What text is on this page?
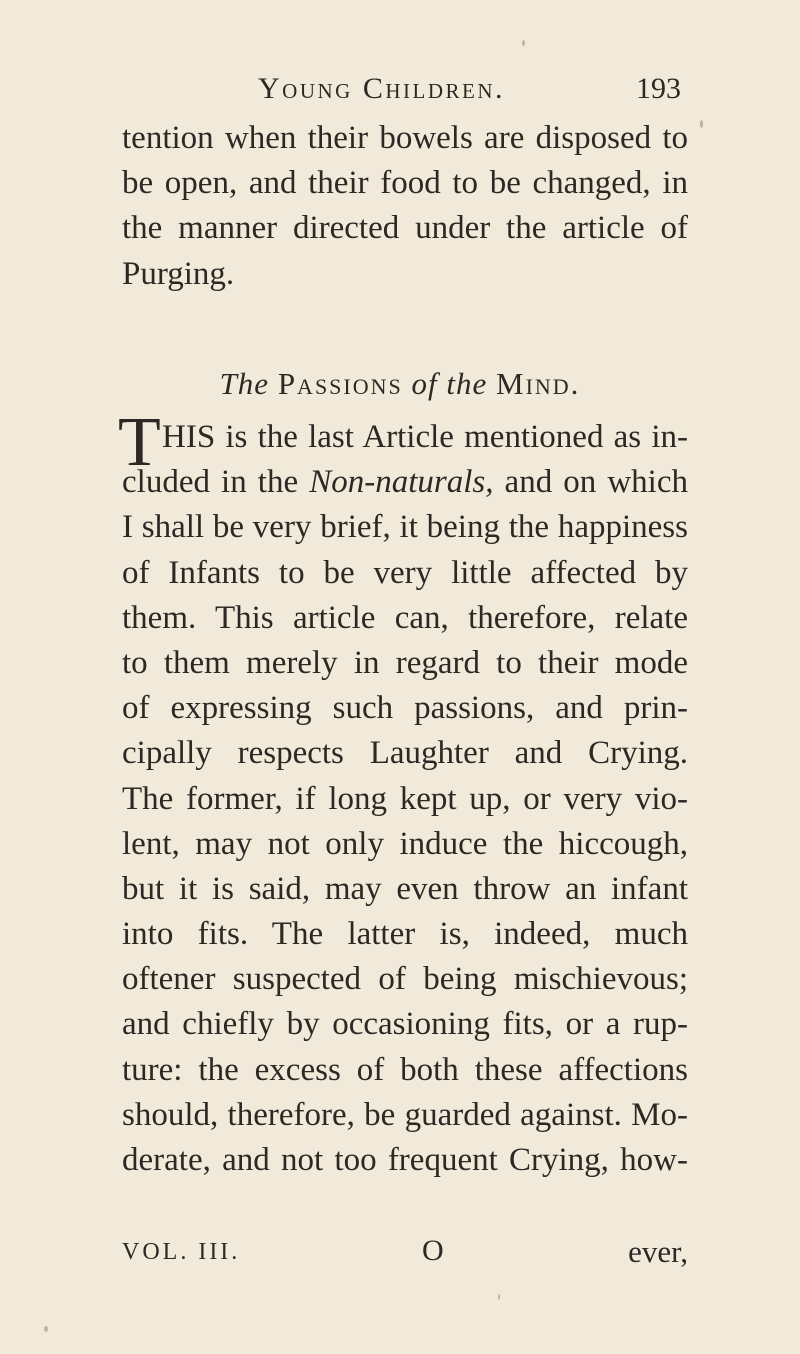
Young Children.	193
tention when their bowels are disposed to
be open, and their food to be changed, in
the manner directed under the article of
Purging.
The Passions of the Mind.
T HIS is the last Article mentioned as in-
cluded in the Non-naturals, and on which
I shall be very brief, it being the happiness
of Infants to be very little affected by
them. This article can, therefore, relate
to them merely in regard to their mode
of expressing such passions, and prin-
cipally respects Laughter and Crying.
The former, if long kept up, or very vio-
lent, may not only induce the hiccough,
but it is said, may even throw an infant
into fits. The latter is, indeed, much
oftener suspected of being mischievous;
and chiefly by occasioning fits, or a rup-
ture: the excess of both these affections
should, therefore, be guarded against. Mo-
derate, and not too frequent Crying, how-
VOL. III.	O	ever,
